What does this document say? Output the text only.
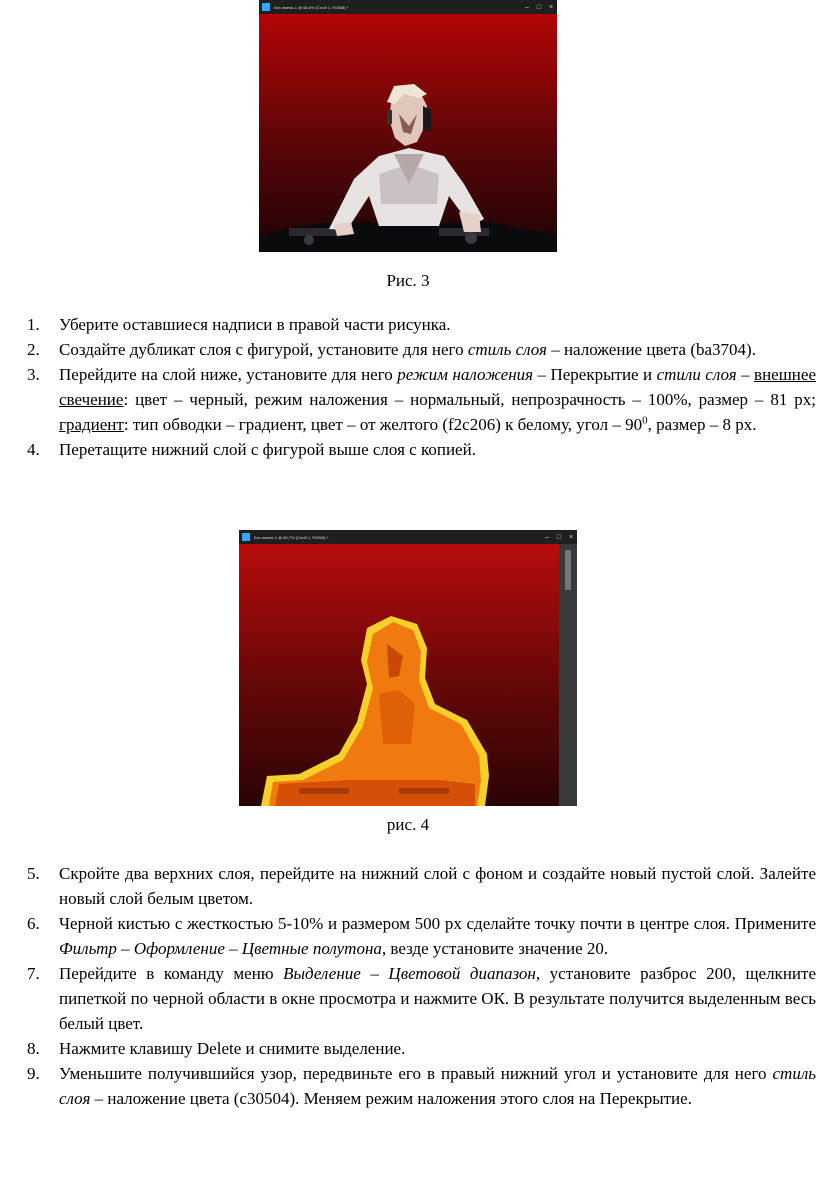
Без имени-1 @ 66,6% (Слой 1, RGB/8) *	–	□	×
Рис. 3
1. Уберите оставшиеся надписи в правой части рисунка.
2. Создайте дубликат слоя с фигурой, установите для него стиль слоя – наложение цвета (ba3704).
3. Перейдите на слой ниже, установите для него режим наложения – Перекрытие и стили слоя – внешнее свечение: цвет – черный, режим наложения – нормальный, непрозрачность – 100%, размер – 81 px; градиент: тип обводки – градиент, цвет – от желтого (f2c206) к белому, угол – $90^0$, размер – 8 px.
4. Перетащите нижний слой с фигурой выше слоя с копией.
Без имени-1 @ 66,7% (Слой 1, RGB/8) *	–	□	×
рис. 4
5. Скройте два верхних слоя, перейдите на нижний слой с фоном и создайте новый пустой слой. Залейте новый слой белым цветом.
6. Черной кистью с жесткостью 5-10% и размером 500 px сделайте точку почти в центре слоя. Примените Фильтр – Оформление – Цветные полутона, везде установите значение 20.
7. Перейдите в команду меню Выделение – Цветовой диапазон, установите разброс 200, щелкните пипеткой по черной области в окне просмотра и нажмите ОК. В результате получится выделенным весь белый цвет.
8. Нажмите клавишу Delete и снимите выделение.
9. Уменьшите получившийся узор, передвиньте его в правый нижний угол и установите для него стиль слоя – наложение цвета (c30504). Меняем режим наложения этого слоя на Перекрытие.
